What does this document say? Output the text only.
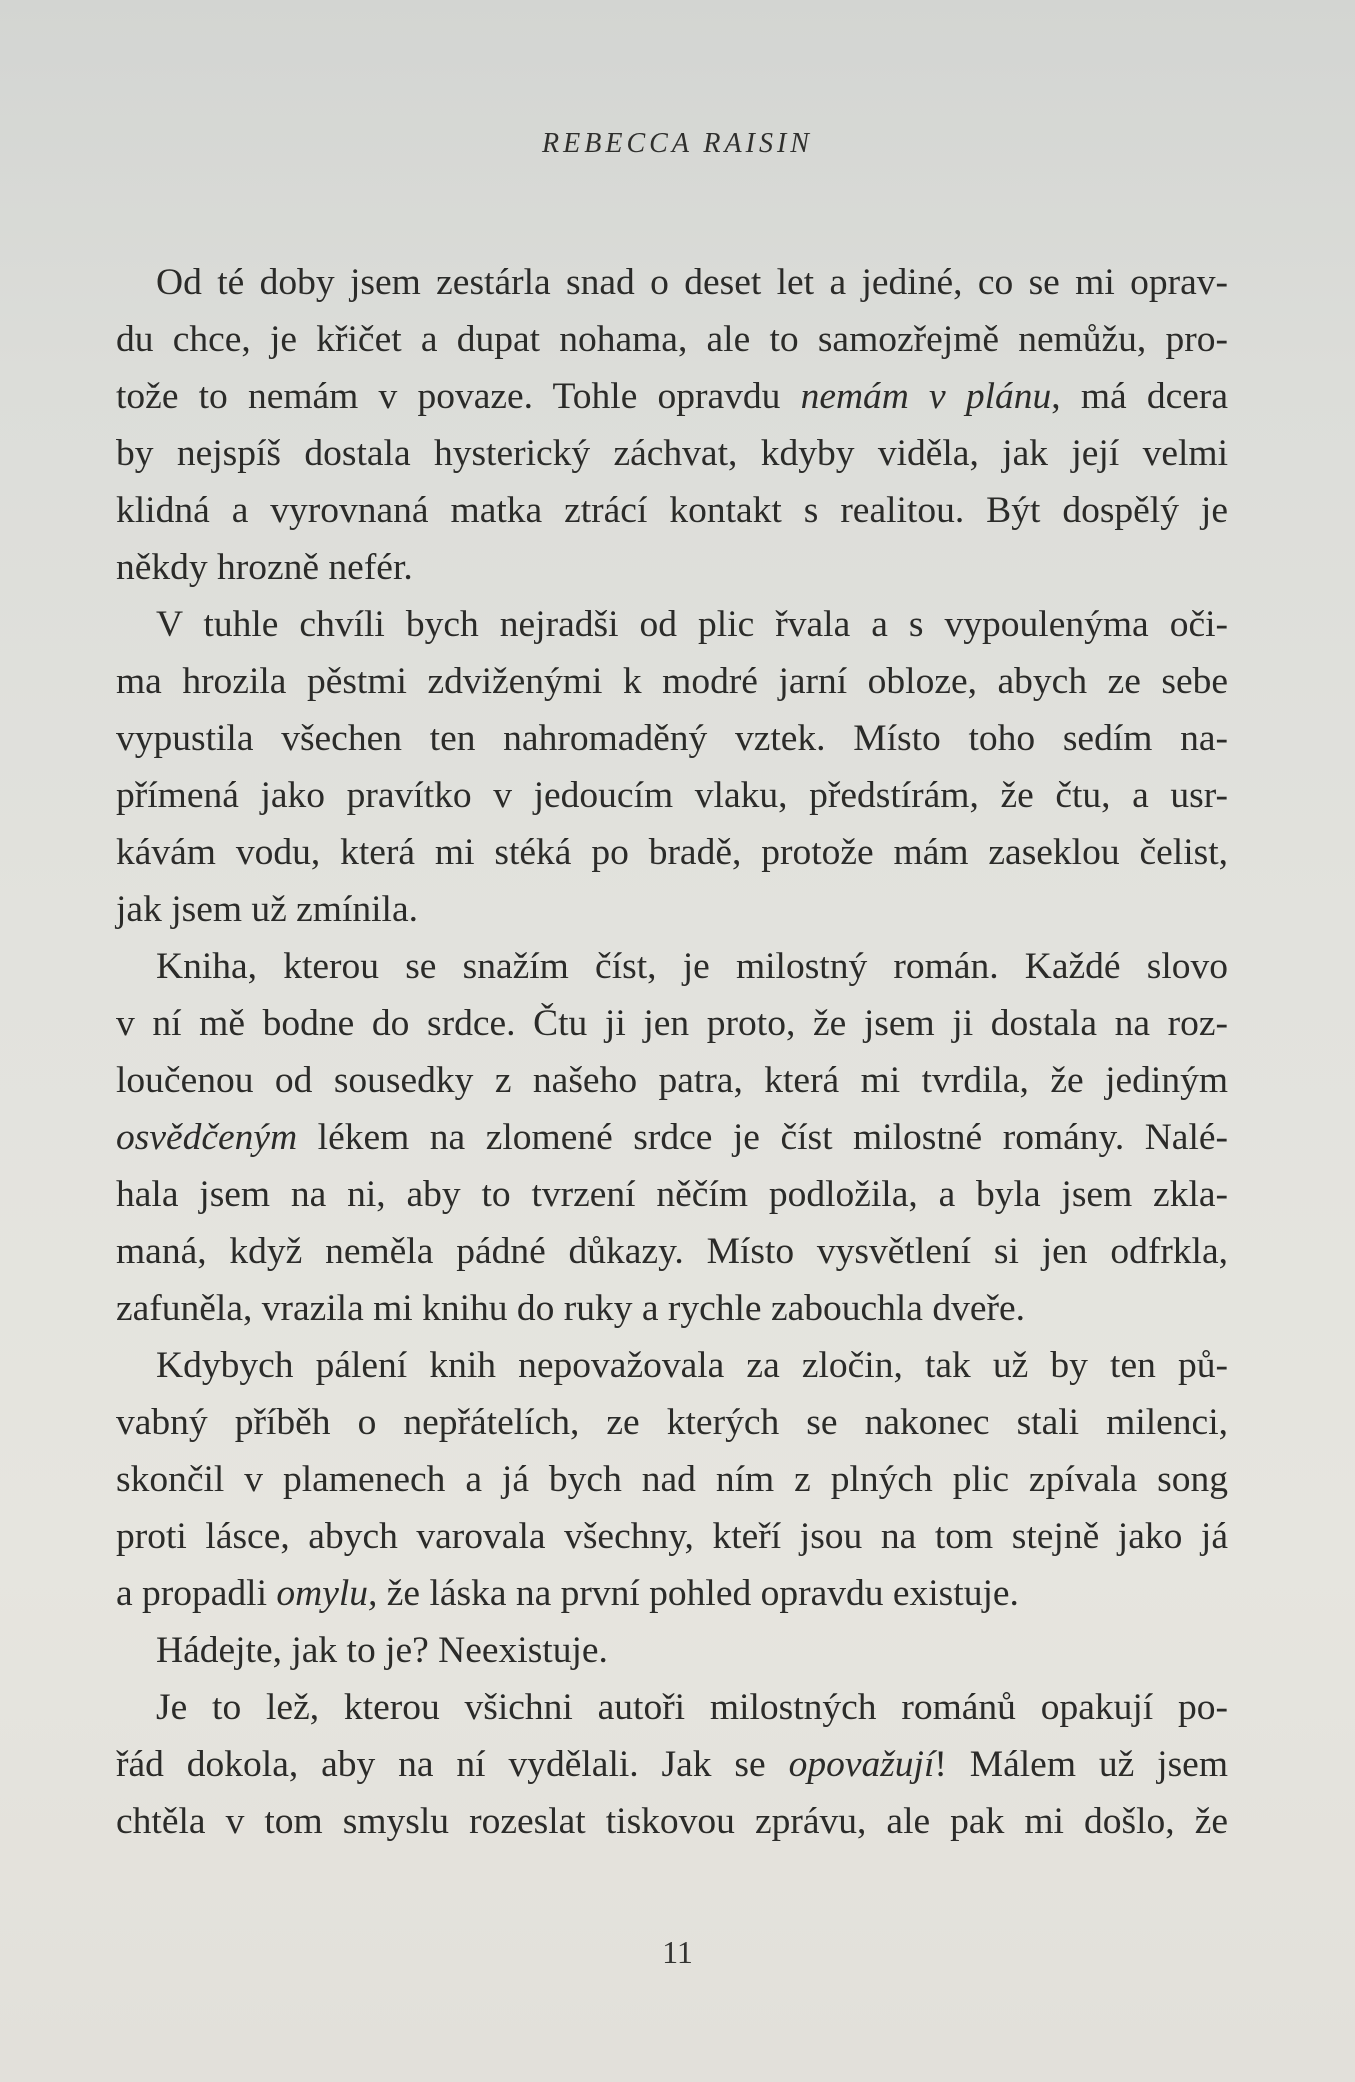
REBECCA RAISIN
Od té doby jsem zestárla snad o deset let a jediné, co se mi oprav-
du chce, je křičet a dupat nohama, ale to samozřejmě nemůžu, pro-
tože to nemám v povaze. Tohle opravdu nemám v plánu, má dcera
by nejspíš dostala hysterický záchvat, kdyby viděla, jak její velmi
klidná a vyrovnaná matka ztrácí kontakt s realitou. Být dospělý je
někdy hrozně nefér.
V tuhle chvíli bych nejradši od plic řvala a s vypoulenýma oči-
ma hrozila pěstmi zdviženými k modré jarní obloze, abych ze sebe
vypustila všechen ten nahromaděný vztek. Místo toho sedím na-
přímená jako pravítko v jedoucím vlaku, předstírám, že čtu, a usr-
kávám vodu, která mi stéká po bradě, protože mám zaseklou čelist,
jak jsem už zmínila.
Kniha, kterou se snažím číst, je milostný román. Každé slovo
v ní mě bodne do srdce. Čtu ji jen proto, že jsem ji dostala na roz-
loučenou od sousedky z našeho patra, která mi tvrdila, že jediným
osvědčeným lékem na zlomené srdce je číst milostné romány. Nalé-
hala jsem na ni, aby to tvrzení něčím podložila, a byla jsem zkla-
maná, když neměla pádné důkazy. Místo vysvětlení si jen odfrkla,
zafuněla, vrazila mi knihu do ruky a rychle zabouchla dveře.
Kdybych pálení knih nepovažovala za zločin, tak už by ten pů-
vabný příběh o nepřátelích, ze kterých se nakonec stali milenci,
skončil v plamenech a já bych nad ním z plných plic zpívala song
proti lásce, abych varovala všechny, kteří jsou na tom stejně jako já
a propadli omylu, že láska na první pohled opravdu existuje.
Hádejte, jak to je? Neexistuje.
Je to lež, kterou všichni autoři milostných románů opakují po-
řád dokola, aby na ní vydělali. Jak se opovažují! Málem už jsem
chtěla v tom smyslu rozeslat tiskovou zprávu, ale pak mi došlo, že
11
